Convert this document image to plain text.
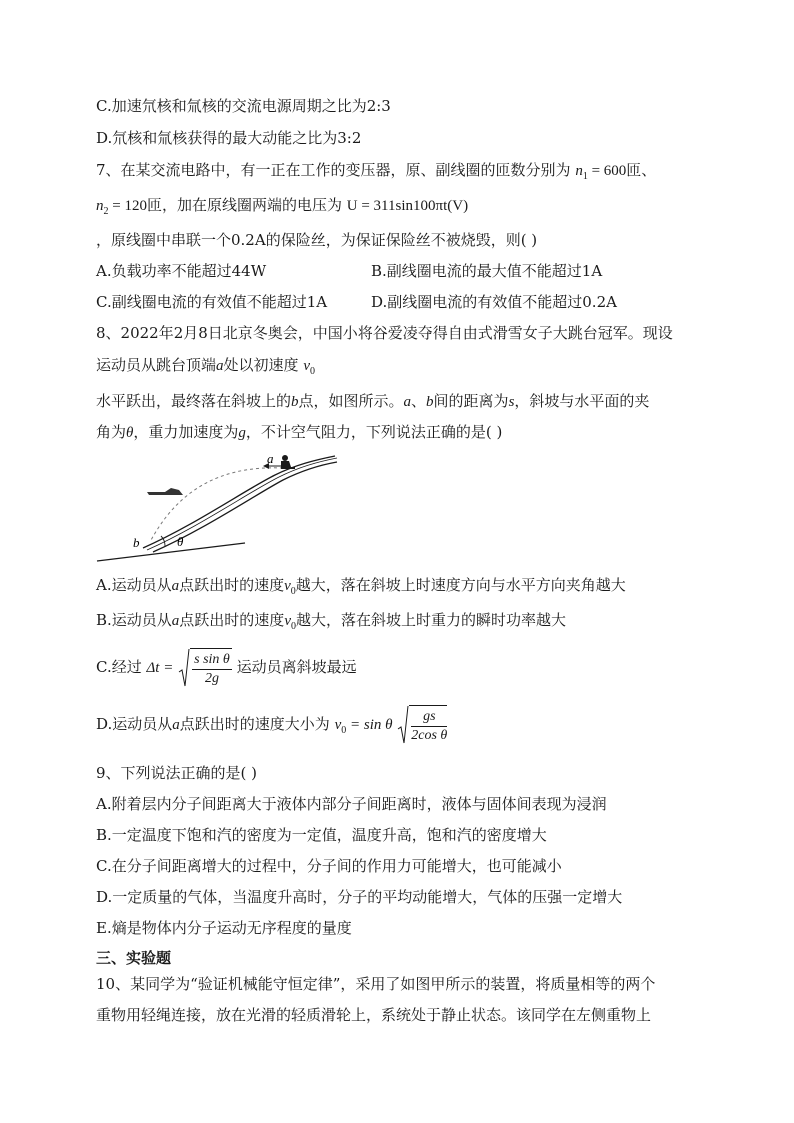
C.加速氘核和氚核的交流电源周期之比为2:3
D.氘核和氚核获得的最大动能之比为3:2
7、在某交流电路中，有一正在工作的变压器，原、副线圈的匝数分别为 $n_1 = 600$匝、
$n_2 = 120$匝，加在原线圈两端的电压为 U = 311sin100πt(V)
，原线圈中串联一个0.2A的保险丝，为保证保险丝不被烧毁，则( )
A.负载功率不能超过44W	B.副线圈电流的最大值不能超过1A
C.副线圈电流的有效值不能超过1A	D.副线圈电流的有效值不能超过0.2A
8、2022年2月8日北京冬奥会，中国小将谷爱凌夺得自由式滑雪女子大跳台冠军。现设
运动员从跳台顶端a处以初速度 $v_0$
水平跃出，最终落在斜坡上的b点，如图所示。a、b间的距离为s，斜坡与水平面的夹
角为θ，重力加速度为g，不计空气阻力，下列说法正确的是( )
a
b	θ
A.运动员从a点跃出时的速度$v_0$越大，落在斜坡上时速度方向与水平方向夹角越大
B.运动员从a点跃出时的速度$v_0$越大，落在斜坡上时重力的瞬时功率越大
C.经过 $\Delta t = \frac{\text{s sin θ}}{2g}$ 运动员离斜坡最远
D.运动员从a点跃出时的速度大小为 $v_0 = \sin \theta \frac{gs}{\text{2cos θ}}$
9、下列说法正确的是( )
A.附着层内分子间距离大于液体内部分子间距离时，液体与固体间表现为浸润
B.一定温度下饱和汽的密度为一定值，温度升高，饱和汽的密度增大
C.在分子间距离增大的过程中，分子间的作用力可能增大，也可能减小
D.一定质量的气体，当温度升高时，分子的平均动能增大，气体的压强一定增大
E.熵是物体内分子运动无序程度的量度
三、实验题
10、某同学为“验证机械能守恒定律”，采用了如图甲所示的装置，将质量相等的两个
重物用轻绳连接，放在光滑的轻质滑轮上，系统处于静止状态。该同学在左侧重物上
